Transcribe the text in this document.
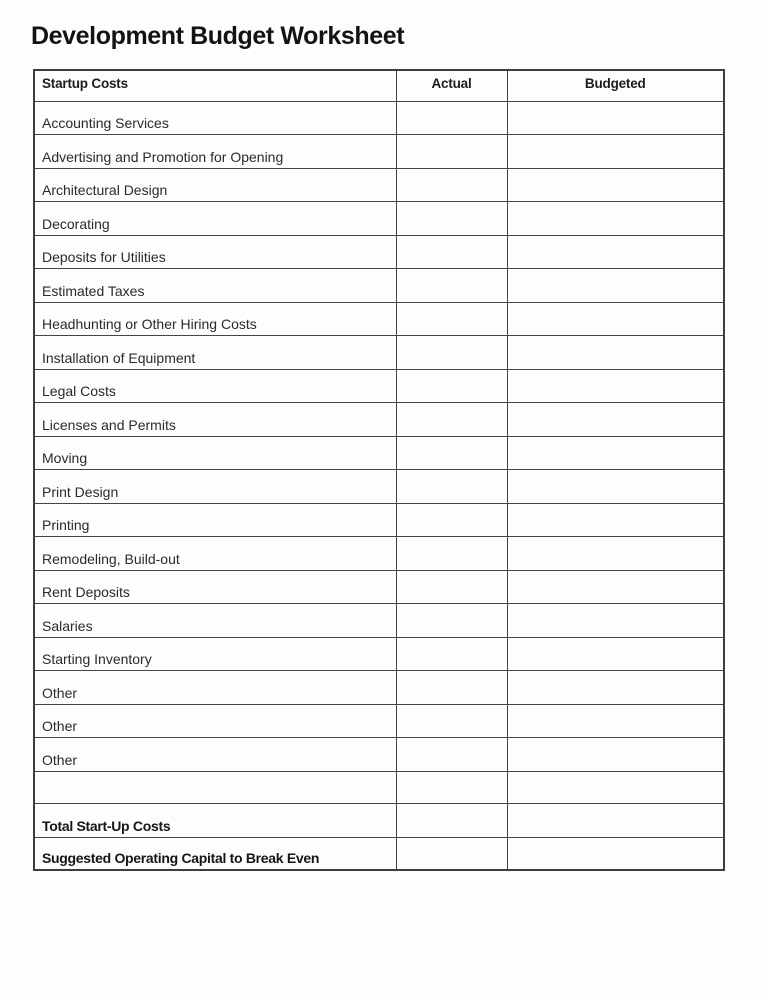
Development Budget Worksheet
Startup Costs	Actual	Budgeted
Accounting Services		
Advertising and Promotion for Opening		
Architectural Design		
Decorating		
Deposits for Utilities		
Estimated Taxes		
Headhunting or Other Hiring Costs		
Installation of Equipment		
Legal Costs		
Licenses and Permits		
Moving		
Print Design		
Printing		
Remodeling, Build-out		
Rent Deposits		
Salaries		
Starting Inventory		
Other		
Other		
Other		

Total Start-Up Costs		
Suggested Operating Capital to Break Even		
